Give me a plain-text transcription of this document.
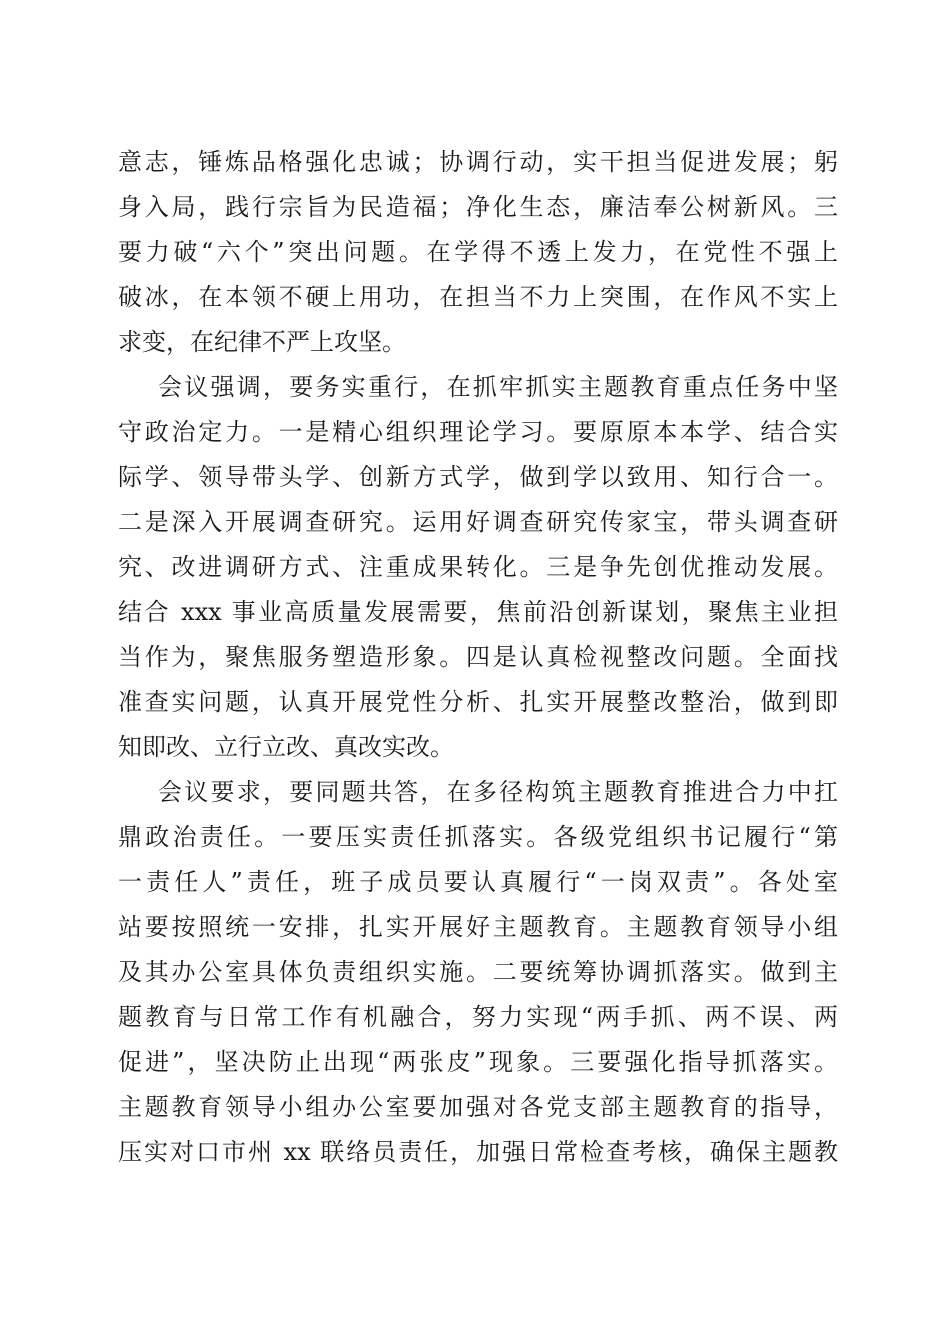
意志，锤炼品格强化忠诚；协调行动，实干担当促进发展；躬
身入局，践行宗旨为民造福；净化生态，廉洁奉公树新风。三
要力破“六个”突出问题。在学得不透上发力，在党性不强上
破冰，在本领不硬上用功，在担当不力上突围，在作风不实上
求变，在纪律不严上攻坚。
会议强调，要务实重行，在抓牢抓实主题教育重点任务中坚
守政治定力。一是精心组织理论学习。要原原本本学、结合实
际学、领导带头学、创新方式学，做到学以致用、知行合一。
二是深入开展调查研究。运用好调查研究传家宝，带头调查研
究、改进调研方式、注重成果转化。三是争先创优推动发展。
结合 xxx 事业高质量发展需要，焦前沿创新谋划，聚焦主业担
当作为，聚焦服务塑造形象。四是认真检视整改问题。全面找
准查实问题，认真开展党性分析、扎实开展整改整治，做到即
知即改、立行立改、真改实改。
会议要求，要同题共答，在多径构筑主题教育推进合力中扛
鼎政治责任。一要压实责任抓落实。各级党组织书记履行“第
一责任人”责任，班子成员要认真履行“一岗双责”。各处室
站要按照统一安排，扎实开展好主题教育。主题教育领导小组
及其办公室具体负责组织实施。二要统筹协调抓落实。做到主
题教育与日常工作有机融合，努力实现“两手抓、两不误、两
促进”，坚决防止出现“两张皮”现象。三要强化指导抓落实。
主题教育领导小组办公室要加强对各党支部主题教育的指导，
压实对口市州 xx 联络员责任，加强日常检查考核，确保主题教
